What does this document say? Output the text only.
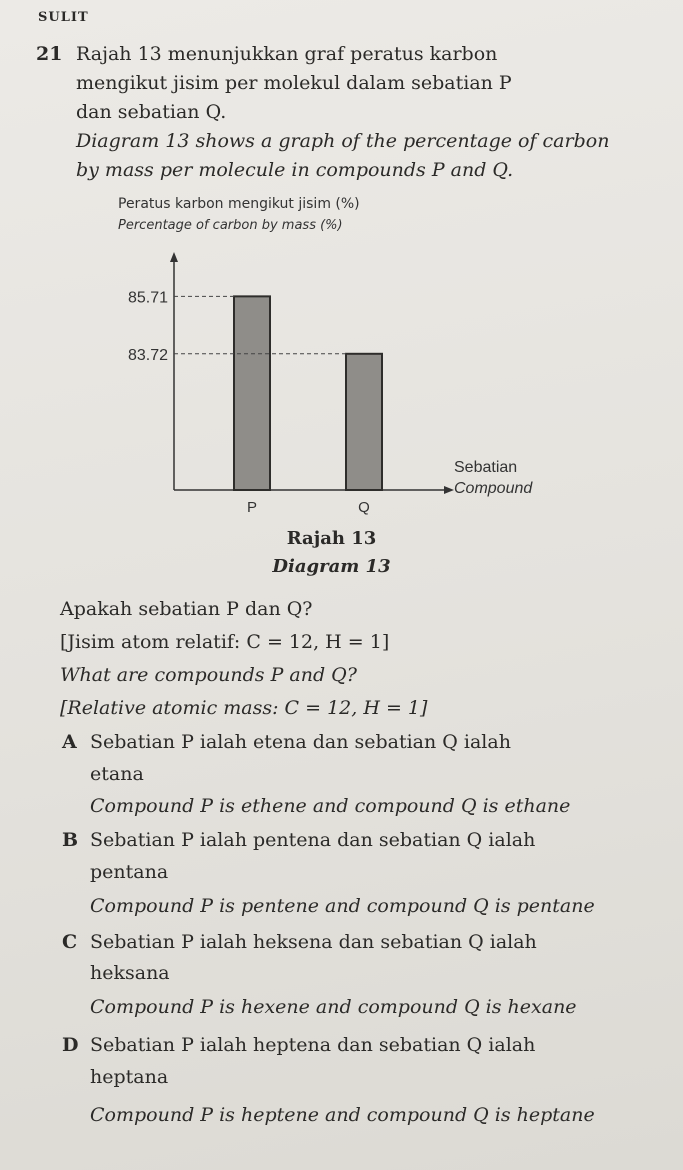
SULIT
21 Rajah 13 menunjukkan graf peratus karbon
mengikut jisim per molekul dalam sebatian P
dan sebatian Q.
Diagram 13 shows a graph of the percentage of carbon
by mass per molecule in compounds P and Q.
Peratus karbon mengikut jisim (%)
Percentage of carbon by mass (%)
85.71
P
83.72
Q
Sebatian
Compound
Rajah 13
Diagram 13
Apakah sebatian P dan Q?
[Jisim atom relatif: C = 12, H = 1]
What are compounds P and Q?
[Relative atomic mass: C = 12, H = 1]
A Sebatian P ialah etena dan sebatian Q ialah
etana
Compound P is ethene and compound Q is ethane
B Sebatian P ialah pentena dan sebatian Q ialah
pentana
Compound P is pentene and compound Q is pentane
C Sebatian P ialah heksena dan sebatian Q ialah
heksana
Compound P is hexene and compound Q is hexane
D Sebatian P ialah heptena dan sebatian Q ialah
heptana
Compound P is heptene and compound Q is heptane
